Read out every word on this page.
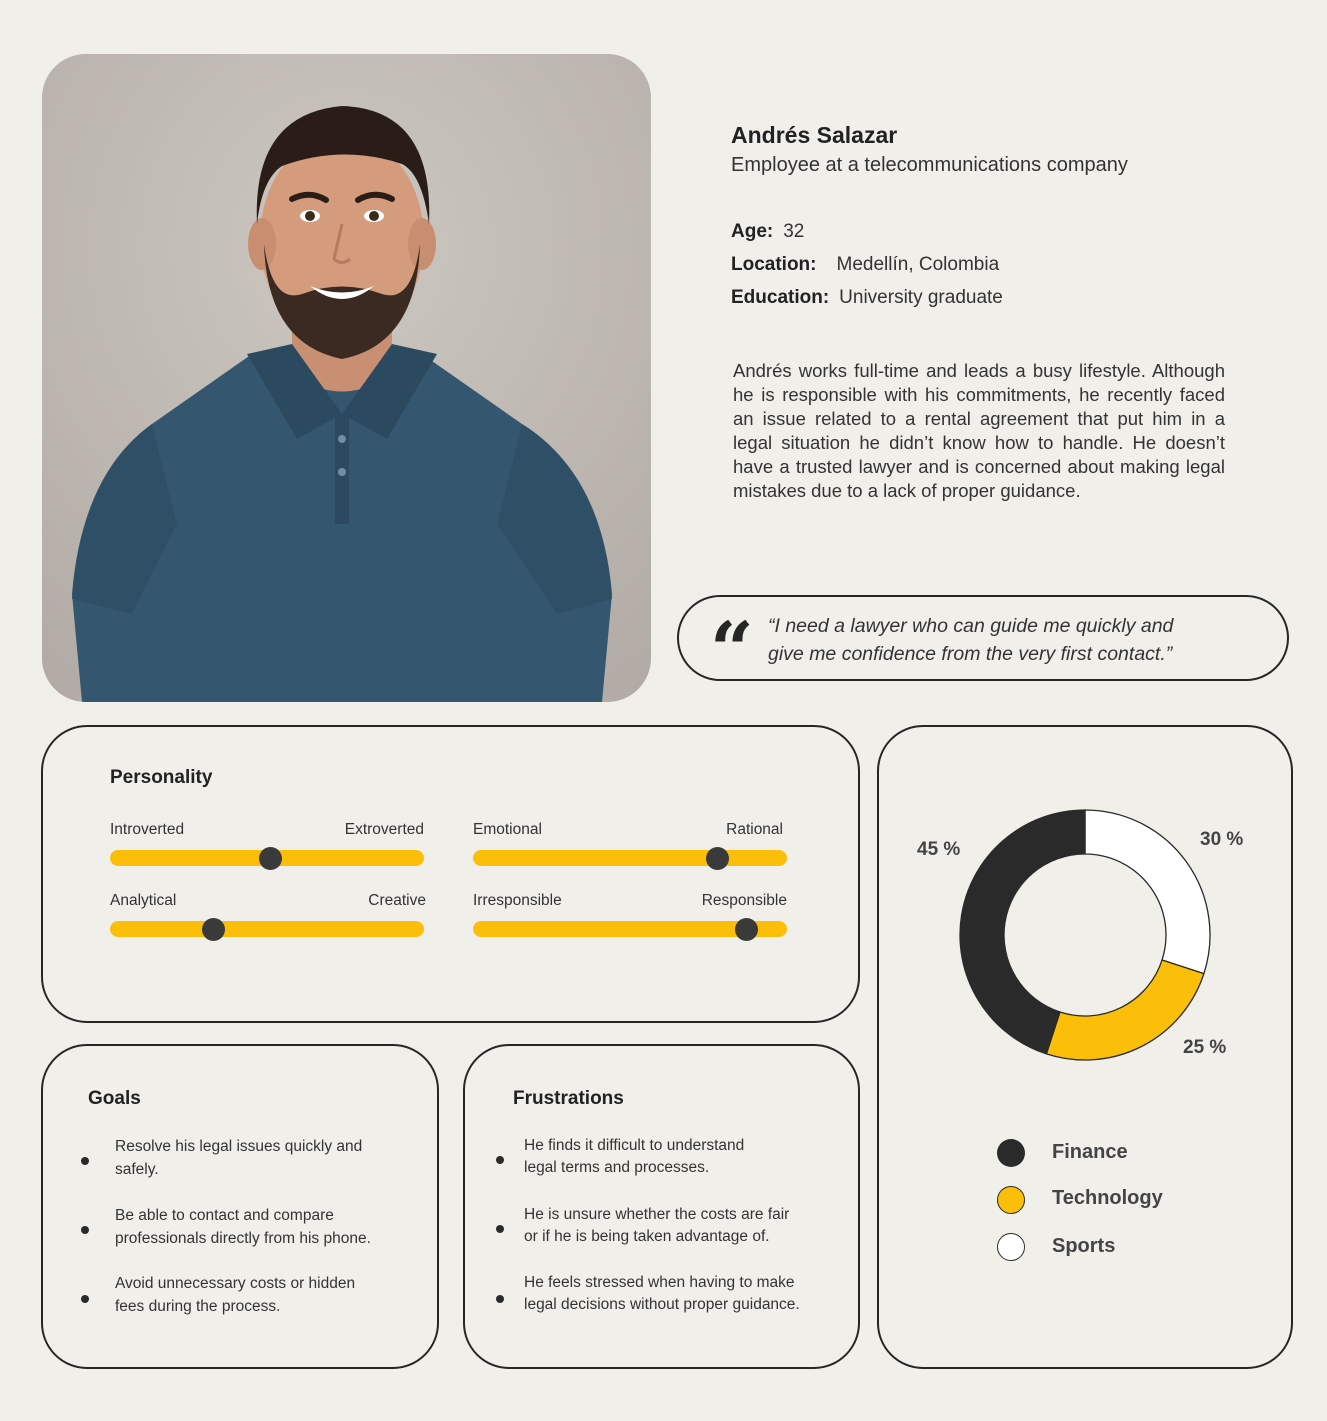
Andrés Salazar
Employee at a telecommunications company
Age: 32
Location: Medellín, Colombia
Education: University graduate
Andrés works full-time and leads a busy lifestyle. Although he is responsible with his commitments, he recently faced an issue related to a rental agreement that put him in a legal situation he didn’t know how to handle. He doesn’t have a trusted lawyer and is concerned about making legal mistakes due to a lack of proper guidance.
“ “I need a lawyer who can guide me quickly and
give me confidence from the very first contact.”
Personality
Introverted	Extroverted	Emotional	Rational
Analytical	Creative	Irresponsible	Responsible
Goals
Resolve his legal issues quickly and
safely.
Be able to contact and compare
professionals directly from his phone.
Avoid unnecessary costs or hidden
fees during the process.
Frustrations
He finds it difficult to understand
legal terms and processes.
He is unsure whether the costs are fair
or if he is being taken advantage of.
He feels stressed when having to make
legal decisions without proper guidance.
45 %	30 %
25 %
Finance
Technology
Sports
